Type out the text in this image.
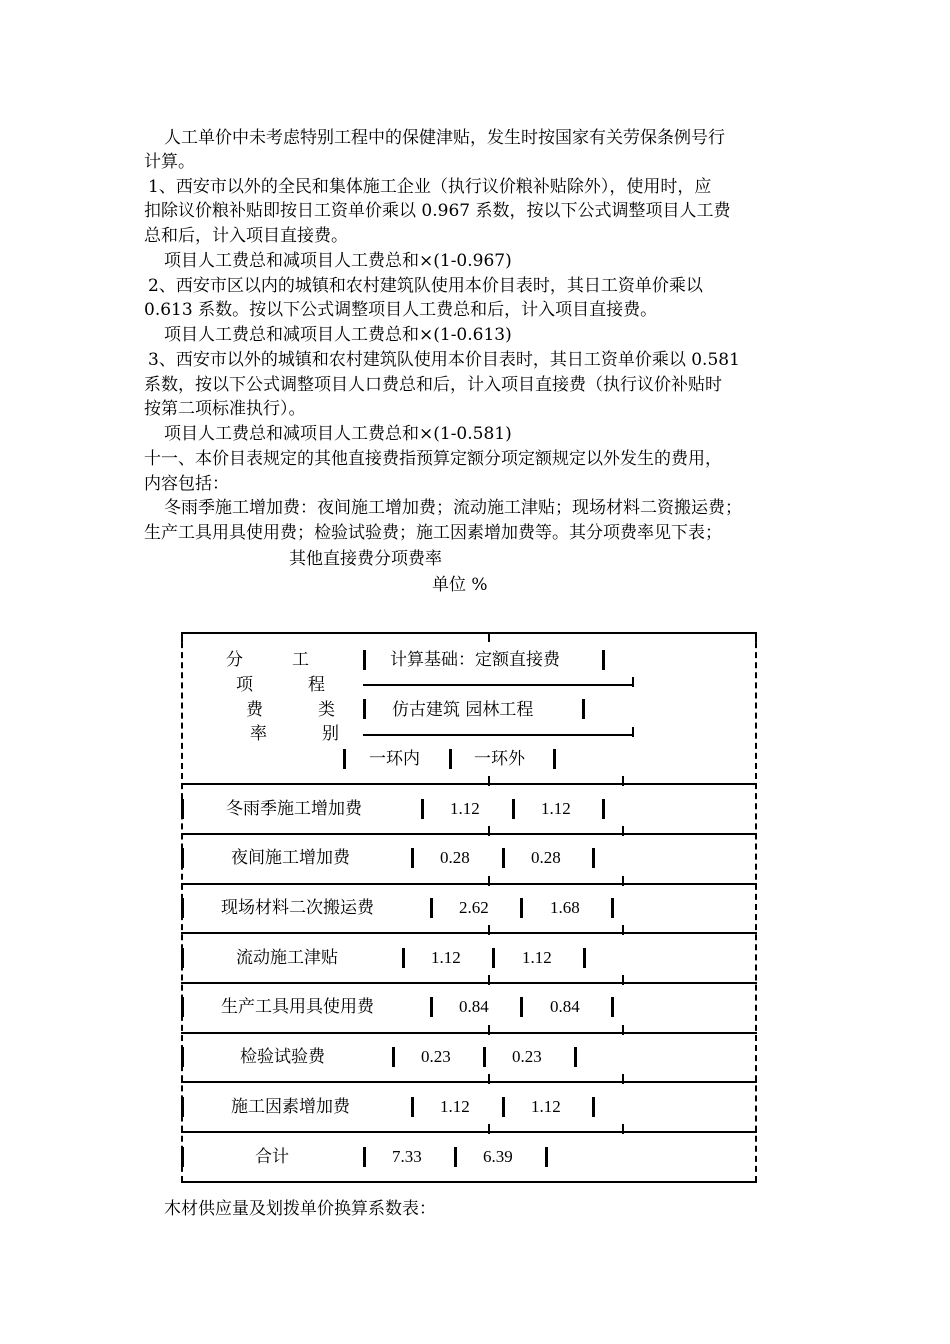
人工单价中未考虑特别工程中的保健津贴，发生时按国家有关劳保条例号行
计算。
1、西安市以外的全民和集体施工企业（执行议价粮补贴除外），使用时，应
扣除议价粮补贴即按日工资单价乘以 0.967 系数，按以下公式调整项目人工费
总和后，计入项目直接费。
项目人工费总和减项目人工费总和×(1-0.967)
2、西安市区以内的城镇和农村建筑队使用本价目表时，其日工资单价乘以
0.613 系数。按以下公式调整项目人工费总和后，计入项目直接费。
项目人工费总和减项目人工费总和×(1-0.613)
3、西安市以外的城镇和农村建筑队使用本价目表时，其日工资单价乘以 0.581
系数，按以下公式调整项目人口费总和后，计入项目直接费（执行议价补贴时
按第二项标准执行）。
项目人工费总和减项目人工费总和×(1-0.581)
十一、本价目表规定的其他直接费指预算定额分项定额规定以外发生的费用，
内容包括：
冬雨季施工增加费：夜间施工增加费；流动施工津贴；现场材料二资搬运费；
生产工具用具使用费；检验试验费；施工因素增加费等。其分项费率见下表；
其他直接费分项费率
单位 %
分	工
项	程
费	类
率	别
计算基础：定额直接费
仿古建筑 园林工程
一环内	一环外
冬雨季施工增加费	1.12	1.12
夜间施工增加费	0.28	0.28
现场材料二次搬运费	2.62	1.68
流动施工津贴	1.12	1.12
生产工具用具使用费	0.84	0.84
检验试验费	0.23	0.23
施工因素增加费	1.12	1.12
合计	7.33	6.39
木材供应量及划拨单价换算系数表：
